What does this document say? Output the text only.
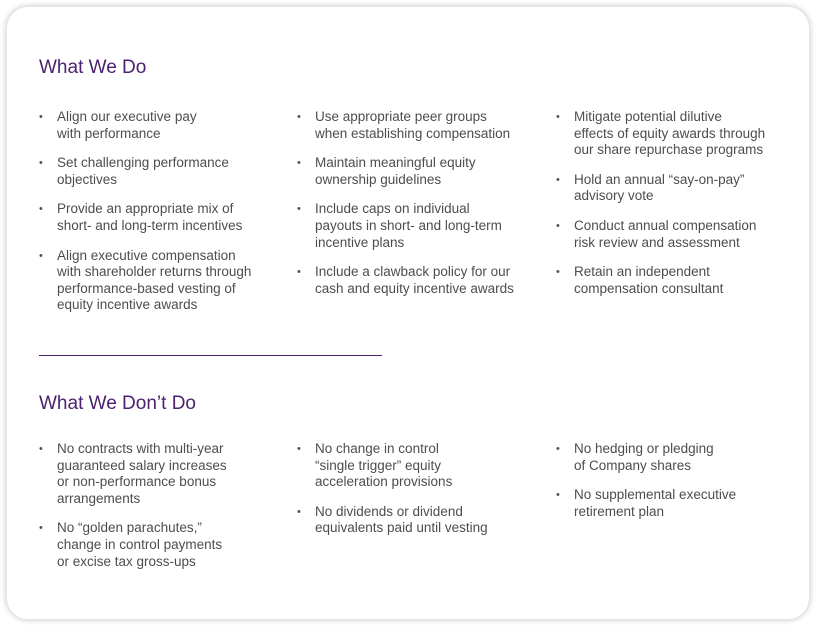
What We Do
• Align our executive pay
with performance
• Set challenging performance
objectives
• Provide an appropriate mix of
short- and long-term incentives
• Align executive compensation
with shareholder returns through
performance-based vesting of
equity incentive awards
• Use appropriate peer groups
when establishing compensation
• Maintain meaningful equity
ownership guidelines
• Include caps on individual
payouts in short- and long-term
incentive plans
• Include a clawback policy for our
cash and equity incentive awards
• Mitigate potential dilutive
effects of equity awards through
our share repurchase programs
• Hold an annual “say-on-pay”
advisory vote
• Conduct annual compensation
risk review and assessment
• Retain an independent
compensation consultant
What We Don’t Do
• No contracts with multi-year
guaranteed salary increases
or non-performance bonus
arrangements
• No “golden parachutes,”
change in control payments
or excise tax gross-ups
• No change in control
“single trigger” equity
acceleration provisions
• No dividends or dividend
equivalents paid until vesting
• No hedging or pledging
of Company shares
• No supplemental executive
retirement plan
